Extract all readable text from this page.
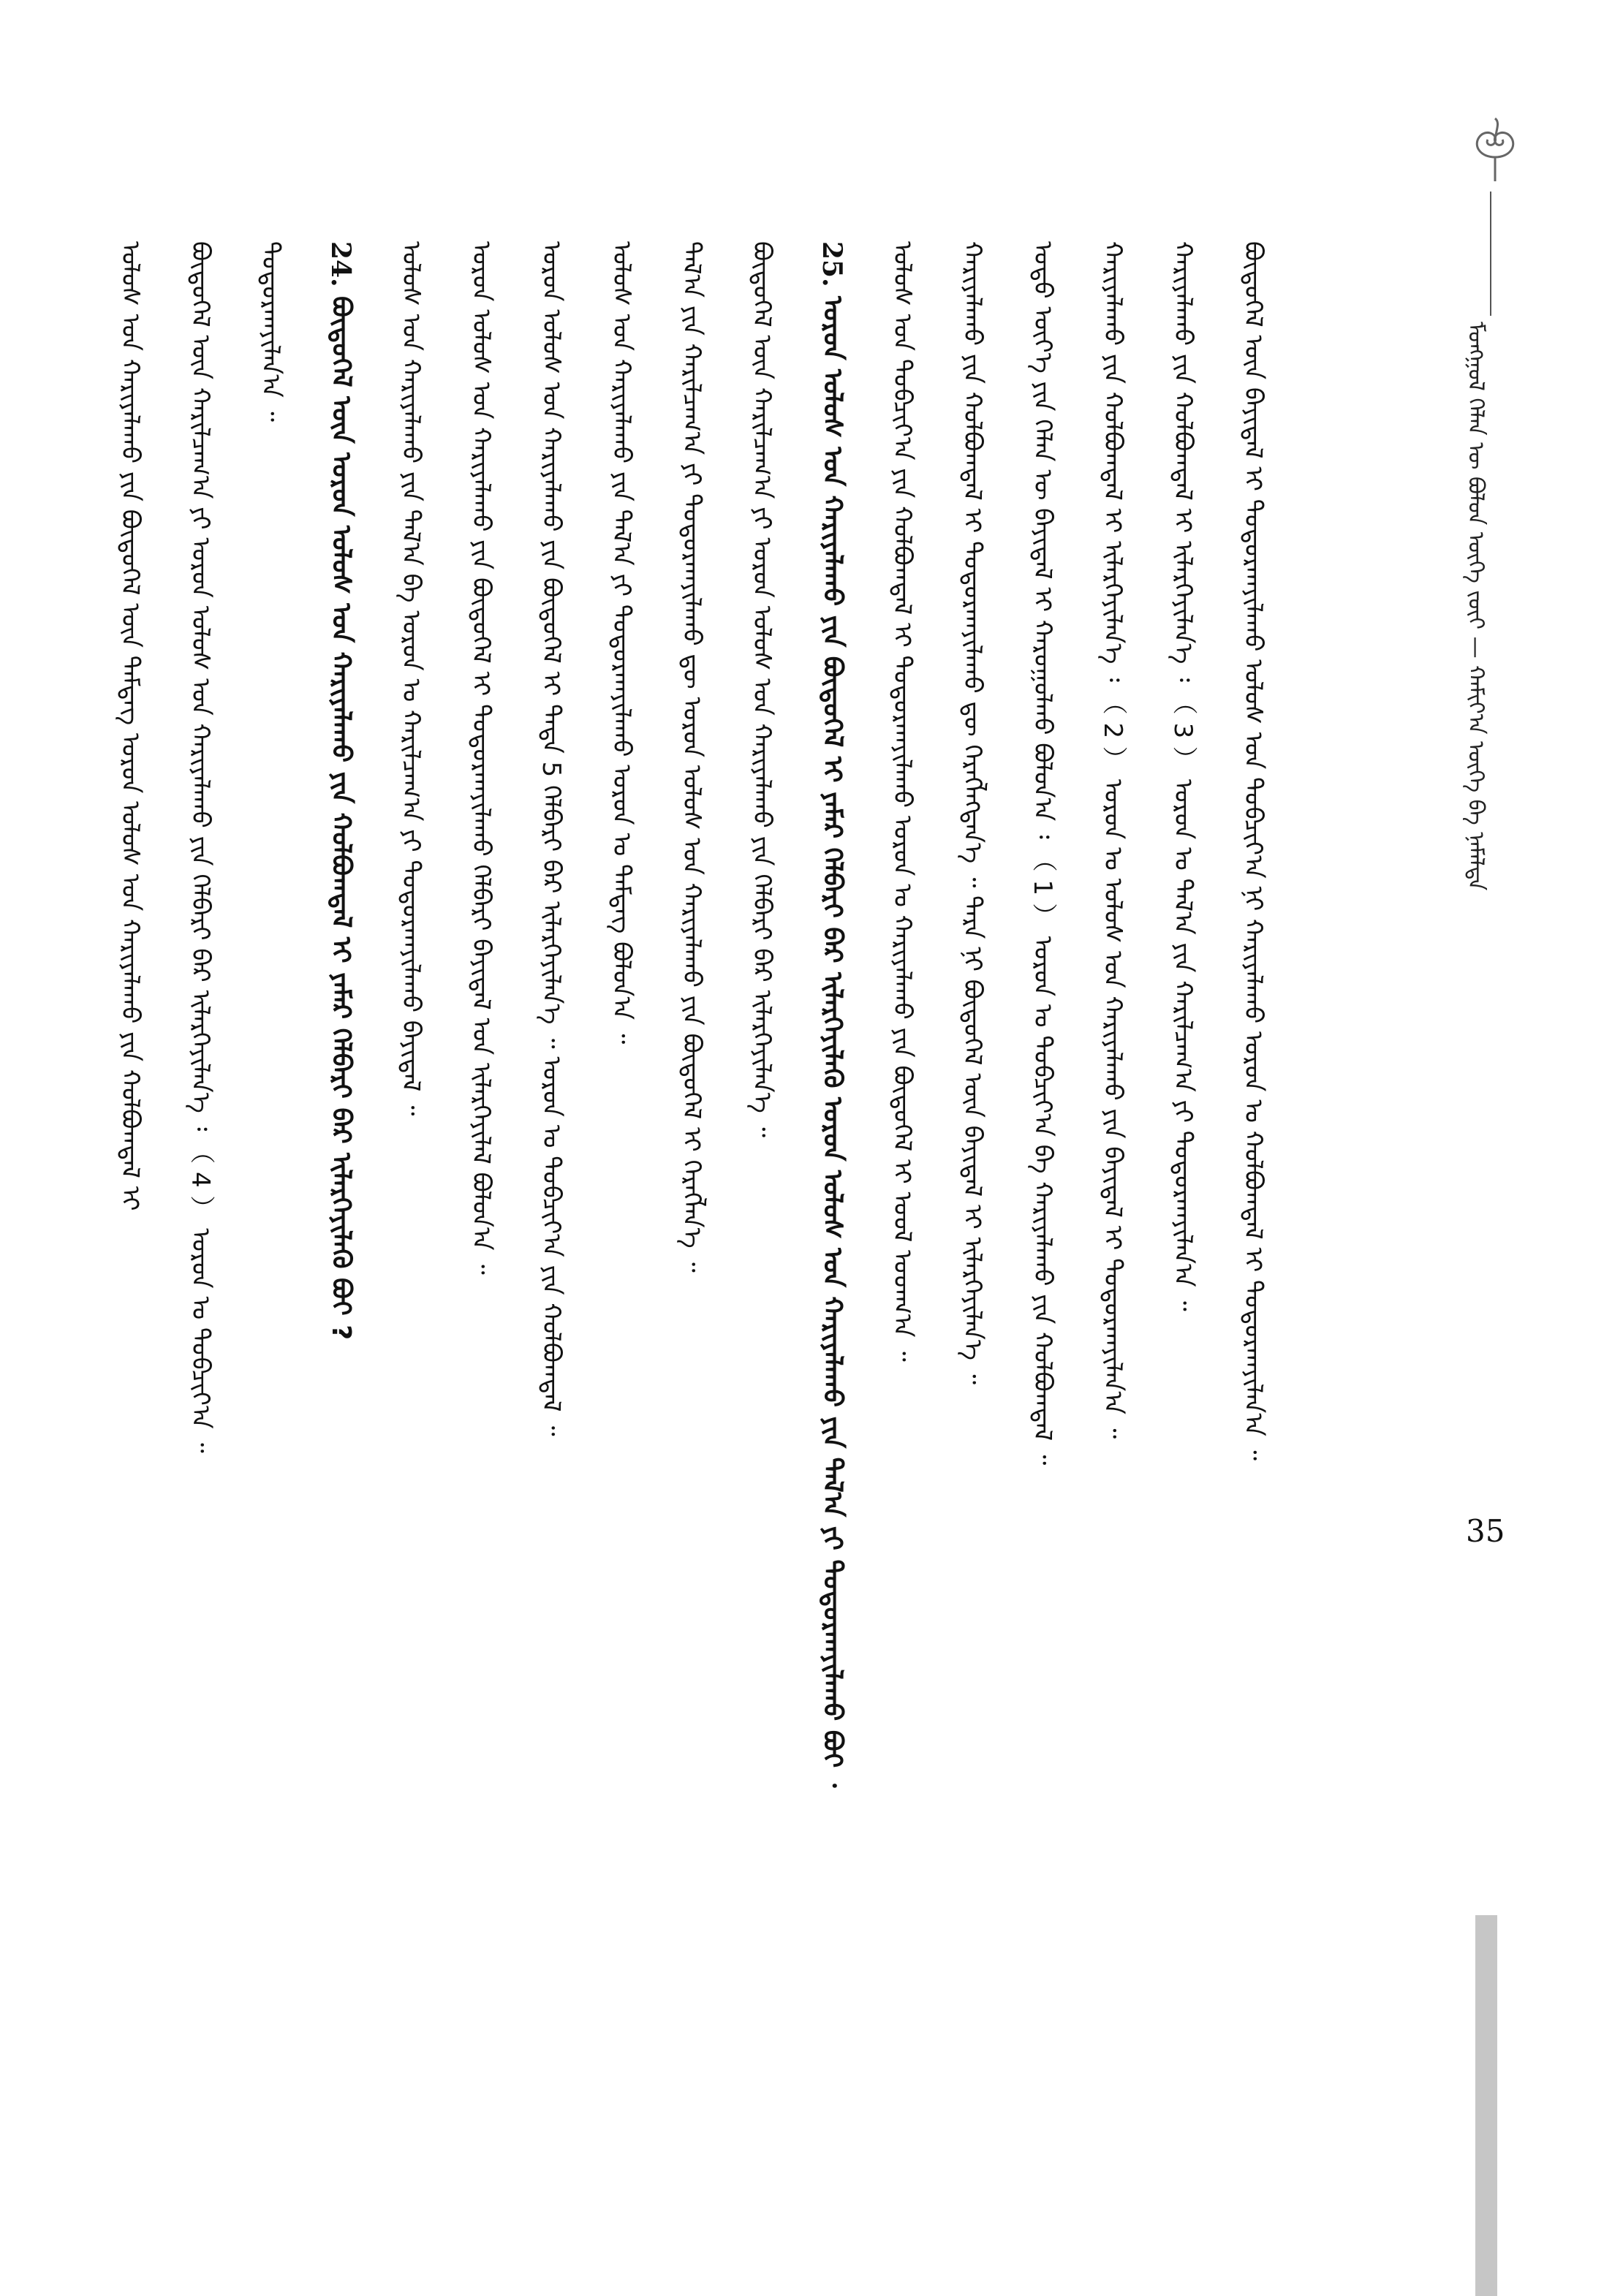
ᠮᠣᠩᠭᠣᠯ ᠬᠡᠯᠡᠨ ᠦ ᠪᠣᠯᠤᠨ ᠦᠭᠡ ᠵᠦᠢ — ᠬᠠᠮᠢᠶ᠎ᠠ ᠦᠭᠡ ᠪᠠ ᠨᠡᠮᠡᠯᠲᠡ
ᠪᠦᠲᠦᠭᠡᠯ ᠦᠨ ᠪᠠᠶᠢᠳᠠᠯ ᠢ ᠲᠣᠳᠤᠷᠬᠠᠶᠢᠯᠠᠬᠤ ᠤᠯᠤᠰ ᠤᠨ ᠲᠣᠪᠴᠢᠶ᠎ᠠ ᠨᠢ ᠬᠠᠷᠢᠶᠠᠯᠠᠬᠤ ᠤᠷᠤᠨ ᠤ ᠬᠣᠯᠪᠣᠭᠳᠠᠯ ᠢ ᠲᠣᠳᠤᠷᠬᠠᠶᠢᠯᠠᠨ᠎ᠠ ᠃
ᠬᠠᠷᠢᠶᠠᠯᠠᠬᠤ ᠶᠢᠨ ᠬᠣᠯᠪᠣᠭᠳᠠᠯ ᠢ ᠢᠯᠡᠷᠬᠡᠶᠢᠯᠡᠨ᠎ᠡ ᠄ （ 3 ） ᠣᠷᠣᠨ ᠤ ᠲᠠᠯ᠎ᠠ ᠶᠢᠨ ᠬᠠᠷᠢᠯᠴᠠᠭ᠎ᠠ ᠶᠢ ᠲᠣᠳᠤᠷᠬᠠᠶᠢᠯᠠᠨ᠎ᠠ ᠃
ᠬᠠᠷᠢᠶᠠᠯᠠᠬᠤ ᠶᠢᠨ ᠬᠣᠯᠪᠣᠭᠳᠠᠯ ᠢ ᠢᠯᠡᠷᠬᠡᠶᠢᠯᠡᠨ᠎ᠡ ᠄ （ 2 ） ᠣᠷᠣᠨ ᠤ ᠤᠯᠤᠰ ᠤᠨ ᠬᠠᠷᠢᠶᠠᠯᠠᠬᠤ ᠶᠢᠨ ᠪᠠᠶᠢᠳᠠᠯ ᠢ ᠲᠣᠳᠤᠷᠬᠠᠶᠢᠯᠠᠨ᠎ᠠ ᠃
ᠣᠳᠣ ᠦᠶ᠎ᠡ ᠶᠢᠨ ᠬᠡᠯᠡᠨ ᠦ ᠪᠠᠶᠢᠳᠠᠯ ᠢ ᠬᠠᠷᠤᠭᠤᠯᠬᠤ ᠪᠣᠯᠤᠨ᠎ᠠ ᠄ （ 1 ） ᠣᠷᠣᠨ ᠤ ᠲᠣᠪᠴᠢᠶ᠎ᠠ ᠪᠠ ᠬᠠᠷᠢᠶᠠᠯᠠᠬᠤ ᠶᠢᠨ ᠬᠣᠯᠪᠣᠭᠳᠠᠯ ᠃
ᠬᠠᠷᠢᠶᠠᠯᠠᠬᠤ ᠶᠢᠨ ᠬᠣᠯᠪᠣᠭᠳᠠᠯ ᠢ ᠲᠣᠳᠤᠷᠬᠠᠶᠢᠯᠠᠬᠤ ᠳᠦ ᠬᠡᠷᠡᠭᠯᠡᠭᠳᠡᠨ᠎ᠡ ᠃ ᠲᠡᠷᠡ ᠨᠢ ᠪᠦᠲᠦᠭᠡᠯ ᠦᠨ ᠪᠠᠶᠢᠳᠠᠯ ᠢ ᠢᠯᠡᠷᠬᠡᠶᠢᠯᠡᠨ᠎ᠡ ᠃
ᠤᠯᠤᠰ ᠤᠨ ᠲᠣᠪᠴᠢᠶ᠎ᠠ ᠶᠢᠨ ᠬᠣᠯᠪᠣᠭᠳᠠᠯ ᠢ ᠲᠣᠳᠤᠷᠬᠠᠶᠢᠯᠠᠬᠤ ᠣᠷᠣᠨ ᠤ ᠬᠠᠷᠢᠶᠠᠯᠠᠬᠤ ᠶᠢᠨ ᠪᠦᠲᠦᠭᠡᠯ ᠢ ᠤᠤᠯ ᠤᠳᠬ᠎ᠠ ᠃
25. ᠣᠷᠣᠨ ᠤᠯᠤᠰ ᠤᠨ ᠬᠠᠷᠢᠶᠠᠯᠠᠬᠤ ᠶᠢᠨ ᠪᠦᠲᠦᠭᠡᠯ ᠢ ᠶᠠᠮᠠᠷ ᠬᠡᠯᠪᠡᠷᠢ ᠪᠡᠷ ᠢᠯᠡᠷᠬᠡᠶᠢᠯᠡᠬᠦ ᠣᠷᠣᠨ ᠤᠯᠤᠰ ᠤᠨ ᠬᠠᠷᠢᠶᠠᠯᠠᠬᠤ ᠶᠢᠨ ᠲᠠᠯ᠎ᠠ ᠶᠢ ᠲᠣᠳᠤᠷᠬᠠᠶᠢᠯᠠᠬᠤ ᠪᠤᠢ ᠂
ᠪᠦᠲᠦᠭᠡᠯ ᠦᠨ ᠬᠠᠷᠢᠯᠴᠠᠭ᠎ᠠ ᠶᠢ ᠣᠷᠣᠨ ᠤᠯᠤᠰ ᠤᠨ ᠬᠠᠷᠢᠶᠠᠯᠠᠬᠤ ᠶᠢᠨ ᠬᠡᠯᠪᠡᠷᠢ ᠪᠡᠷ ᠢᠯᠡᠷᠬᠡᠶᠢᠯᠡᠨ᠎ᠡ ᠃
ᠲᠠᠯ᠎ᠠ ᠶᠢᠨ ᠬᠠᠷᠢᠯᠴᠠᠭ᠎ᠠ ᠶᠢ ᠲᠣᠳᠤᠷᠬᠠᠶᠢᠯᠠᠬᠤ ᠳᠦ ᠣᠷᠣᠨ ᠤᠯᠤᠰ ᠤᠨ ᠬᠠᠷᠢᠶᠠᠯᠠᠬᠤ ᠶᠢᠨ ᠪᠦᠲᠦᠭᠡᠯ ᠢ ᠬᠡᠷᠡᠭᠯᠡᠨ᠎ᠡ ᠃
ᠤᠯᠤᠰ ᠤᠨ ᠬᠠᠷᠢᠶᠠᠯᠠᠬᠤ ᠶᠢᠨ ᠲᠠᠯ᠎ᠠ ᠶᠢ ᠲᠣᠳᠤᠷᠬᠠᠶᠢᠯᠠᠬᠤ ᠤᠷᠤᠨ ᠤ ᠲᠡᠮᠳᠡᠭ ᠪᠣᠯᠤᠨ᠎ᠠ ᠃
ᠣᠷᠣᠨ ᠤᠯᠤᠰ ᠤᠨ ᠬᠠᠷᠢᠶᠠᠯᠠᠬᠤ ᠶᠢᠨ ᠪᠦᠲᠦᠭᠡᠯ ᠢ ᠲᠠᠳᠠ 5 ᠬᠡᠯᠪᠡᠷᠢ ᠪᠡᠷ ᠢᠯᠡᠷᠬᠡᠶᠢᠯᠡᠨ᠎ᠡ ᠃ ᠣᠷᠣᠨ ᠤ ᠲᠣᠪᠴᠢᠶ᠎ᠠ ᠶᠢᠨ ᠬᠣᠯᠪᠣᠭᠳᠠᠯ ᠃
ᠣᠷᠣᠨ ᠤᠯᠤᠰ ᠤᠨ ᠬᠠᠷᠢᠶᠠᠯᠠᠬᠤ ᠶᠢᠨ ᠪᠦᠲᠦᠭᠡᠯ ᠢ ᠲᠣᠳᠤᠷᠬᠠᠶᠢᠯᠠᠬᠤ ᠬᠡᠯᠪᠡᠷᠢ ᠪᠠᠶᠢᠳᠠᠯ ᠤᠨ ᠢᠯᠡᠷᠬᠡᠶᠢᠯᠡᠯ ᠪᠣᠯᠤᠨ᠎ᠠ ᠃
ᠤᠯᠤᠰ ᠤᠨ ᠬᠠᠷᠢᠶᠠᠯᠠᠬᠤ ᠶᠢᠨ ᠲᠠᠯ᠎ᠠ ᠪᠠ ᠣᠷᠣᠨ ᠤ ᠬᠠᠷᠢᠯᠴᠠᠭ᠎ᠠ ᠶᠢ ᠲᠣᠳᠤᠷᠬᠠᠶᠢᠯᠠᠬᠤ ᠪᠠᠶᠢᠳᠠᠯ ᠃
24. ᠪᠦᠲᠦᠭᠡᠯ ᠦᠨ ᠣᠷᠣᠨ ᠤᠯᠤᠰ ᠤᠨ ᠬᠠᠷᠢᠶᠠᠯᠠᠬᠤ ᠶᠢᠨ ᠬᠣᠯᠪᠣᠭᠳᠠᠯ ᠢ ᠶᠠᠮᠠᠷ ᠬᠡᠯᠪᠡᠷᠢ ᠪᠡᠷ ᠢᠯᠡᠷᠬᠡᠶᠢᠯᠡᠬᠦ ᠪᠤᠢ ?
ᠲᠣᠳᠤᠷᠬᠠᠶᠢᠯᠠᠨ᠎ᠠ ᠃
ᠪᠦᠲᠦᠭᠡᠯ ᠦᠨ ᠬᠠᠷᠢᠯᠴᠠᠭ᠎ᠠ ᠶᠢ ᠣᠷᠣᠨ ᠤᠯᠤᠰ ᠤᠨ ᠬᠠᠷᠢᠶᠠᠯᠠᠬᠤ ᠶᠢᠨ ᠬᠡᠯᠪᠡᠷᠢ ᠪᠡᠷ ᠢᠯᠡᠷᠬᠡᠶᠢᠯᠡᠨ᠎ᠡ ᠄ （ 4 ） ᠣᠷᠣᠨ ᠤ ᠲᠣᠪᠴᠢᠶ᠎ᠠ ᠃
ᠤᠯᠤᠰ ᠤᠨ ᠬᠠᠷᠢᠶᠠᠯᠠᠬᠤ ᠶᠢᠨ ᠪᠦᠲᠦᠭᠡᠯ ᠦᠨ ᠲᠡᠮᠳᠡᠭ ᠣᠷᠣᠨ ᠤᠯᠤᠰ ᠤᠨ ᠬᠠᠷᠢᠶᠠᠯᠠᠬᠤ ᠶᠢᠨ ᠬᠣᠯᠪᠣᠭᠳᠠᠯ ᠢ
35
